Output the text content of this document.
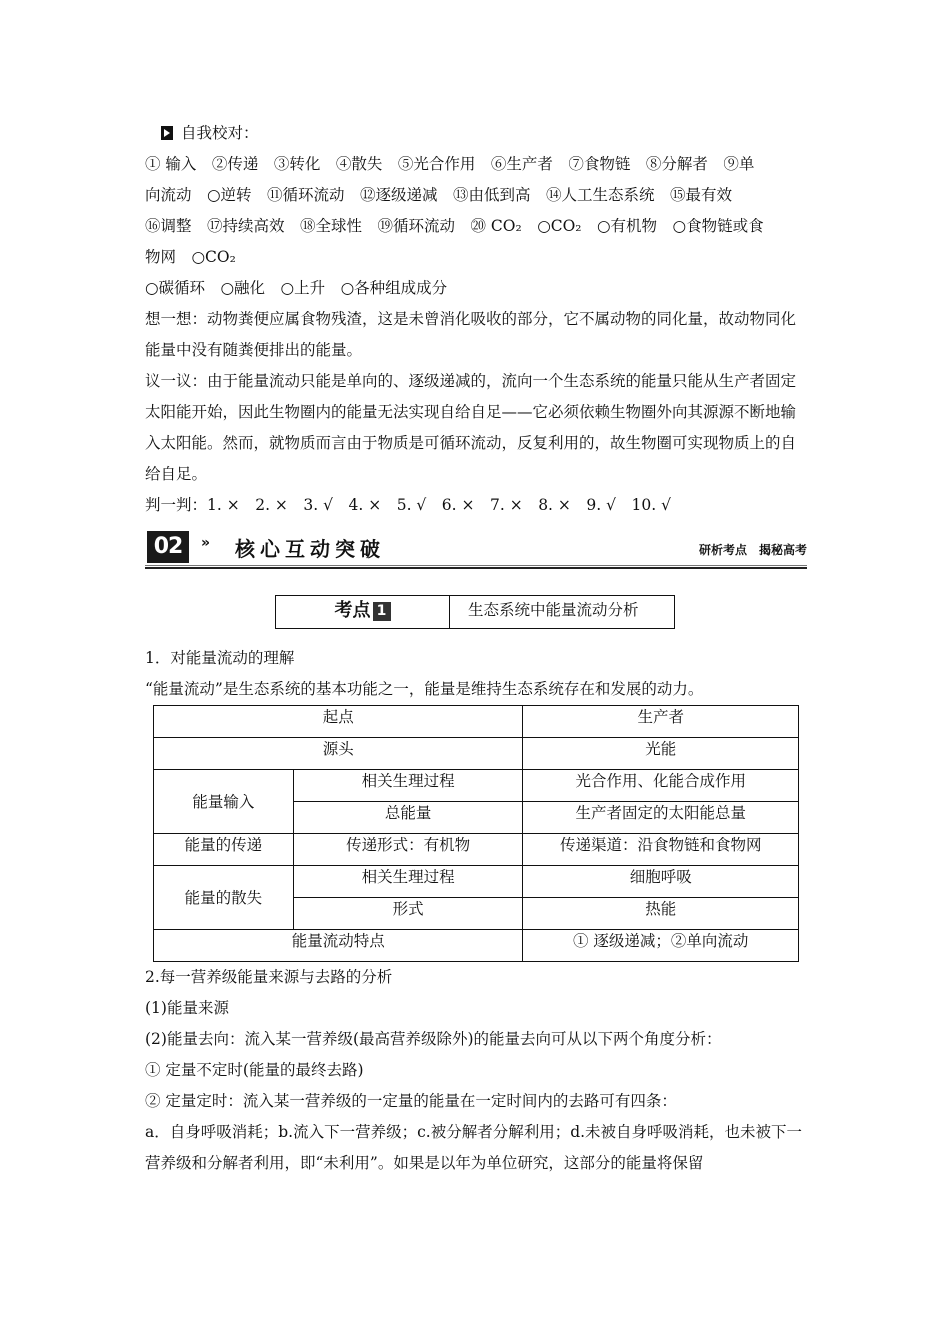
自我校对：
① 输入　②传递　③转化　④散失　⑤光合作用　⑥生产者　⑦食物链　⑧分解者　⑨单
向流动　○逆转　⑪循环流动　⑫逐级递减　⑬由低到高　⑭人工生态系统　⑮最有效
⑯调整　⑰持续高效　⑱全球性　⑲循环流动　⑳ CO₂　○CO₂　○有机物　○食物链或食
物网　○CO₂
○碳循环　○融化　○上升　○各种组成成分
想一想：动物粪便应属食物残渣，这是未曾消化吸收的部分，它不属动物的同化量，故动物同化能量中没有随粪便排出的能量。
议一议：由于能量流动只能是单向的、逐级递减的，流向一个生态系统的能量只能从生产者固定太阳能开始，因此生物圈内的能量无法实现自给自足——它必须依赖生物圈外向其源源不断地输入太阳能。然而，就物质而言由于物质是可循环流动，反复利用的，故生物圈可实现物质上的自给自足。
判一判：1. ×　2. ×　3. √　4. ×　5. √　6. ×　7. ×　8. ×　9. √　10. √
02	» 核心互动突破	研析考点　揭秘高考
考点 1	生态系统中能量流动分析
1．对能量流动的理解
“能量流动”是生态系统的基本功能之一，能量是维持生态系统存在和发展的动力。
起点		生产者
源头		光能
能量输入	相关生理过程	光合作用、化能合成作用
	总能量	生产者固定的太阳能总量
能量的传递	传递形式：有机物	传递渠道：沿食物链和食物网
能量的散失	相关生理过程	细胞呼吸
	形式	热能
能量流动特点		① 逐级递减；②单向流动
2.每一营养级能量来源与去路的分析
(1)能量来源
(2)能量去向：流入某一营养级(最高营养级除外)的能量去向可从以下两个角度分析：
① 定量不定时(能量的最终去路)
② 定量定时：流入某一营养级的一定量的能量在一定时间内的去路可有四条：
a．自身呼吸消耗；b.流入下一营养级；c.被分解者分解利用；d.未被自身呼吸消耗，也未被下一营养级和分解者利用，即“未利用”。如果是以年为单位研究，这部分的能量将保留
